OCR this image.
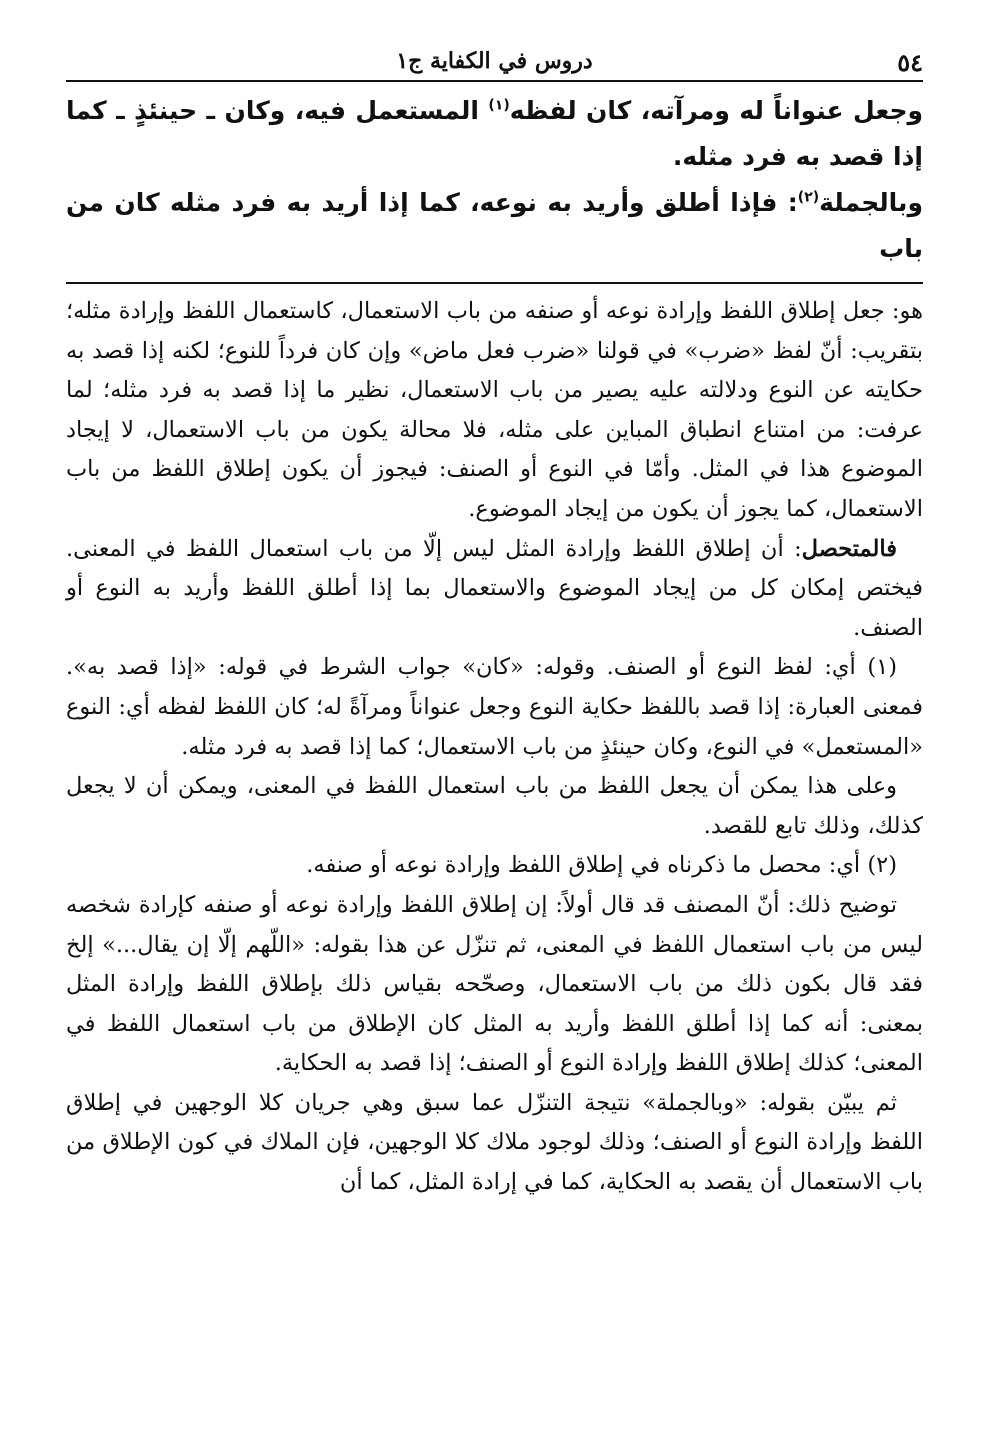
٥٤
دروس في الكفاية ج١

وجعل عنواناً له ومرآته، كان لفظه$^{(١)}$ المستعمل فيه، وكان ـ حينئذٍ ـ كما إذا قصد به فرد مثله.

وبالجملة$^{(٢)}$: فإذا أطلق وأريد به نوعه، كما إذا أريد به فرد مثله كان من باب

هو: جعل إطلاق اللفظ وإرادة نوعه أو صنفه من باب الاستعمال، كاستعمال اللفظ وإرادة مثله؛ بتقريب: أنّ لفظ «ضرب» في قولنا «ضرب فعل ماض» وإن كان فرداً للنوع؛ لكنه إذا قصد به حكايته عن النوع ودلالته عليه يصير من باب الاستعمال، نظير ما إذا قصد به فرد مثله؛ لما عرفت: من امتناع انطباق المباين على مثله، فلا محالة يكون من باب الاستعمال، لا إيجاد الموضوع هذا في المثل. وأمّا في النوع أو الصنف: فيجوز أن يكون إطلاق اللفظ من باب الاستعمال، كما يجوز أن يكون من إيجاد الموضوع.

فالمتحصل: أن إطلاق اللفظ وإرادة المثل ليس إلّا من باب استعمال اللفظ في المعنى. فيختص إمكان كل من إيجاد الموضوع والاستعمال بما إذا أطلق اللفظ وأريد به النوع أو الصنف.

(١) أي: لفظ النوع أو الصنف. وقوله: «كان» جواب الشرط في قوله: «إذا قصد به». فمعنى العبارة: إذا قصد باللفظ حكاية النوع وجعل عنواناً ومرآةً له؛ كان اللفظ لفظه أي: النوع «المستعمل» في النوع، وكان حينئذٍ من باب الاستعمال؛ كما إذا قصد به فرد مثله.

وعلى هذا يمكن أن يجعل اللفظ من باب استعمال اللفظ في المعنى، ويمكن أن لا يجعل كذلك، وذلك تابع للقصد.

(٢) أي: محصل ما ذكرناه في إطلاق اللفظ وإرادة نوعه أو صنفه.

توضيح ذلك: أنّ المصنف قد قال أولاً: إن إطلاق اللفظ وإرادة نوعه أو صنفه كإرادة شخصه ليس من باب استعمال اللفظ في المعنى، ثم تنزّل عن هذا بقوله: «اللّهم إلّا إن يقال...» إلخ فقد قال بكون ذلك من باب الاستعمال، وصحّحه بقياس ذلك بإطلاق اللفظ وإرادة المثل بمعنى: أنه كما إذا أطلق اللفظ وأريد به المثل كان الإطلاق من باب استعمال اللفظ في المعنى؛ كذلك إطلاق اللفظ وإرادة النوع أو الصنف؛ إذا قصد به الحكاية.

ثم يبيّن بقوله: «وبالجملة» نتيجة التنزّل عما سبق وهي جريان كلا الوجهين في إطلاق اللفظ وإرادة النوع أو الصنف؛ وذلك لوجود ملاك كلا الوجهين، فإن الملاك في كون الإطلاق من باب الاستعمال أن يقصد به الحكاية، كما في إرادة المثل، كما أن
